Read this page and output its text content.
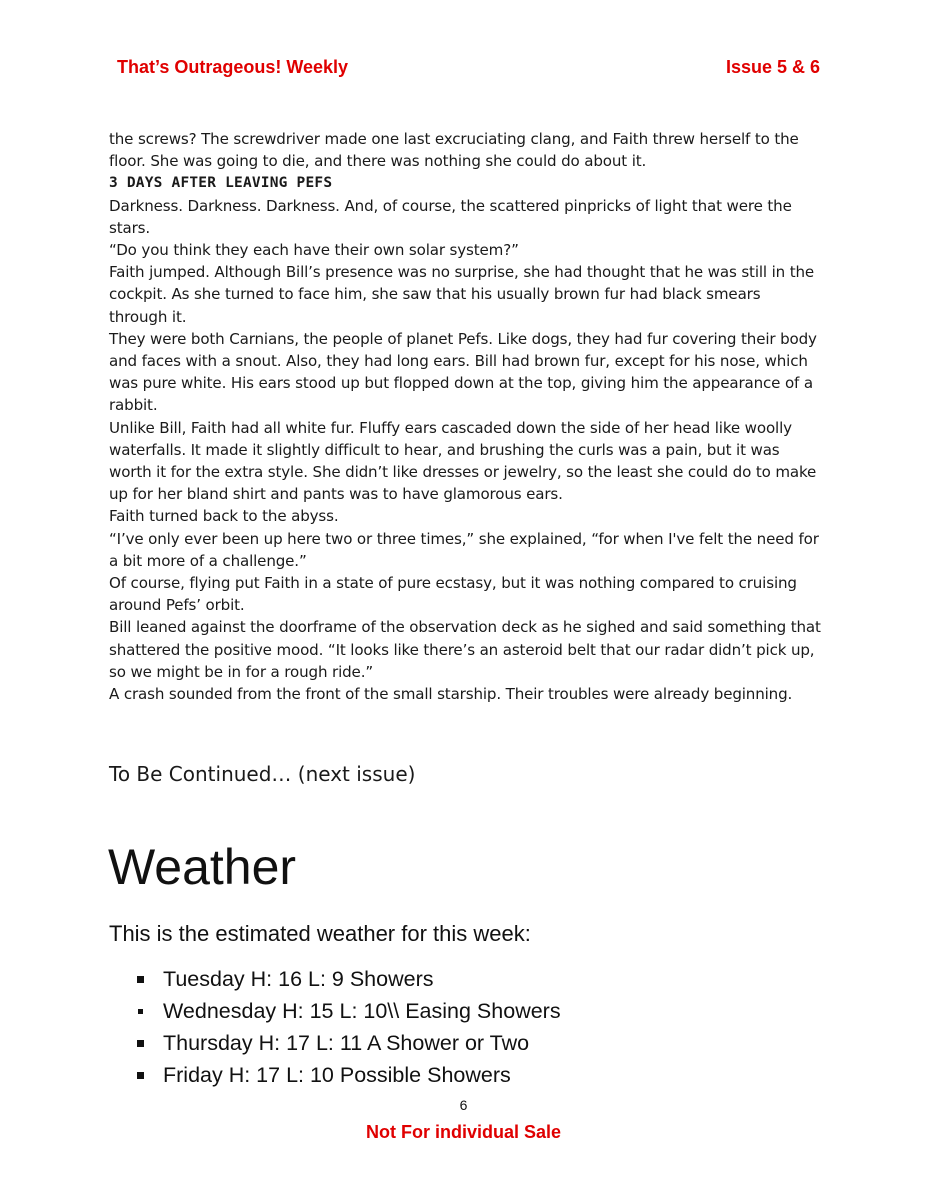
That’s Outrageous! Weekly	Issue 5 & 6

the screws? The screwdriver made one last excruciating clang, and Faith threw herself to the floor. She was going to die, and there was nothing she could do about it.

3 DAYS AFTER LEAVING PEFS

Darkness. Darkness. Darkness. And, of course, the scattered pinpricks of light that were the stars.

“Do you think they each have their own solar system?”

Faith jumped. Although Bill’s presence was no surprise, she had thought that he was still in the cockpit. As she turned to face him, she saw that his usually brown fur had black smears through it.

They were both Carnians, the people of planet Pefs. Like dogs, they had fur covering their body and faces with a snout. Also, they had long ears. Bill had brown fur, except for his nose, which was pure white. His ears stood up but flopped down at the top, giving him the appearance of a rabbit.

Unlike Bill, Faith had all white fur. Fluffy ears cascaded down the side of her head like woolly waterfalls. It made it slightly difficult to hear, and brushing the curls was a pain, but it was worth it for the extra style. She didn’t like dresses or jewelry, so the least she could do to make up for her bland shirt and pants was to have glamorous ears.

Faith turned back to the abyss.

“I’ve only ever been up here two or three times,” she explained, “for when I've felt the need for a bit more of a challenge.”

Of course, flying put Faith in a state of pure ecstasy, but it was nothing compared to cruising around Pefs’ orbit.

Bill leaned against the doorframe of the observation deck as he sighed and said something that shattered the positive mood. “It looks like there’s an asteroid belt that our radar didn’t pick up, so we might be in for a rough ride.”

A crash sounded from the front of the small starship. Their troubles were already beginning.

To Be Continued… (next issue)
Weather
This is the estimated weather for this week:
Tuesday H: 16 L: 9 Showers
Wednesday H: 15 L: 10\\ Easing Showers
Thursday H: 17 L: 11 A Shower or Two
Friday H: 17 L: 10 Possible Showers
6
Not For individual Sale
